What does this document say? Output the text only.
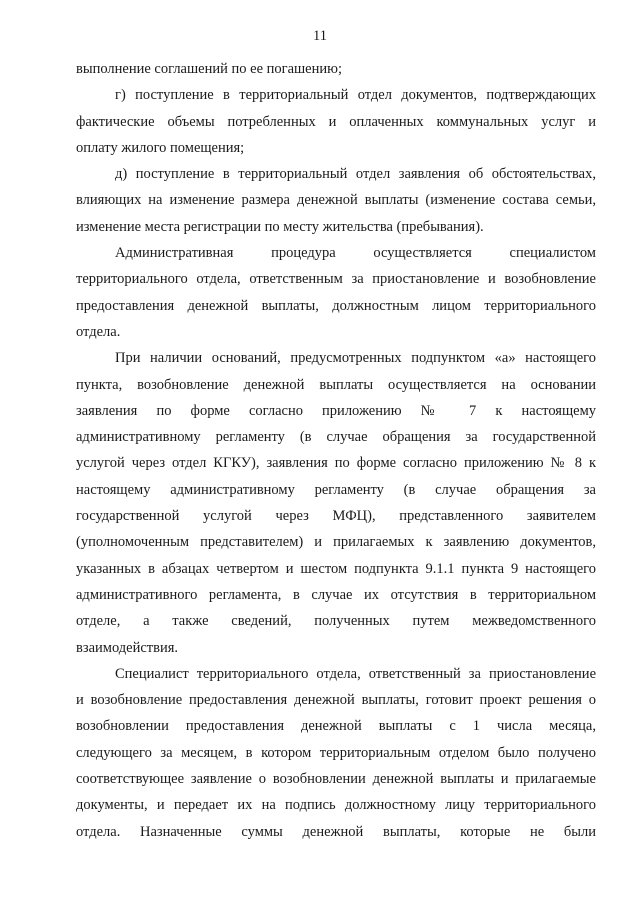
11
выполнение соглашений по ее погашению;
г) поступление в территориальный отдел документов, подтверждающих
фактические объемы потребленных и оплаченных коммунальных услуг и
оплату жилого помещения;
д) поступление в территориальный отдел заявления об обстоятельствах,
влияющих на изменение размера денежной выплаты (изменение состава семьи,
изменение места регистрации по месту жительства (пребывания).
Административная процедура осуществляется специалистом
территориального отдела, ответственным за приостановление и возобновление
предоставления денежной выплаты, должностным лицом территориального
отдела.
При наличии оснований, предусмотренных подпунктом «а» настоящего
пункта, возобновление денежной выплаты осуществляется на основании
заявления по форме согласно приложению № 7 к настоящему
административному регламенту (в случае обращения за государственной
услугой через отдел КГКУ), заявления по форме согласно приложению № 8 к
настоящему административному регламенту (в случае обращения за
государственной услугой через МФЦ), представленного заявителем
(уполномоченным представителем) и прилагаемых к заявлению документов,
указанных в абзацах четвертом и шестом подпункта 9.1.1 пункта 9 настоящего
административного регламента, в случае их отсутствия в территориальном
отделе, а также сведений, полученных путем межведомственного
взаимодействия.
Специалист территориального отдела, ответственный за приостановление
и возобновление предоставления денежной выплаты, готовит проект решения о
возобновлении предоставления денежной выплаты с 1 числа месяца,
следующего за месяцем, в котором территориальным отделом было получено
соответствующее заявление о возобновлении денежной выплаты и прилагаемые
документы, и передает их на подпись должностному лицу территориального
отдела. Назначенные суммы денежной выплаты, которые не были
